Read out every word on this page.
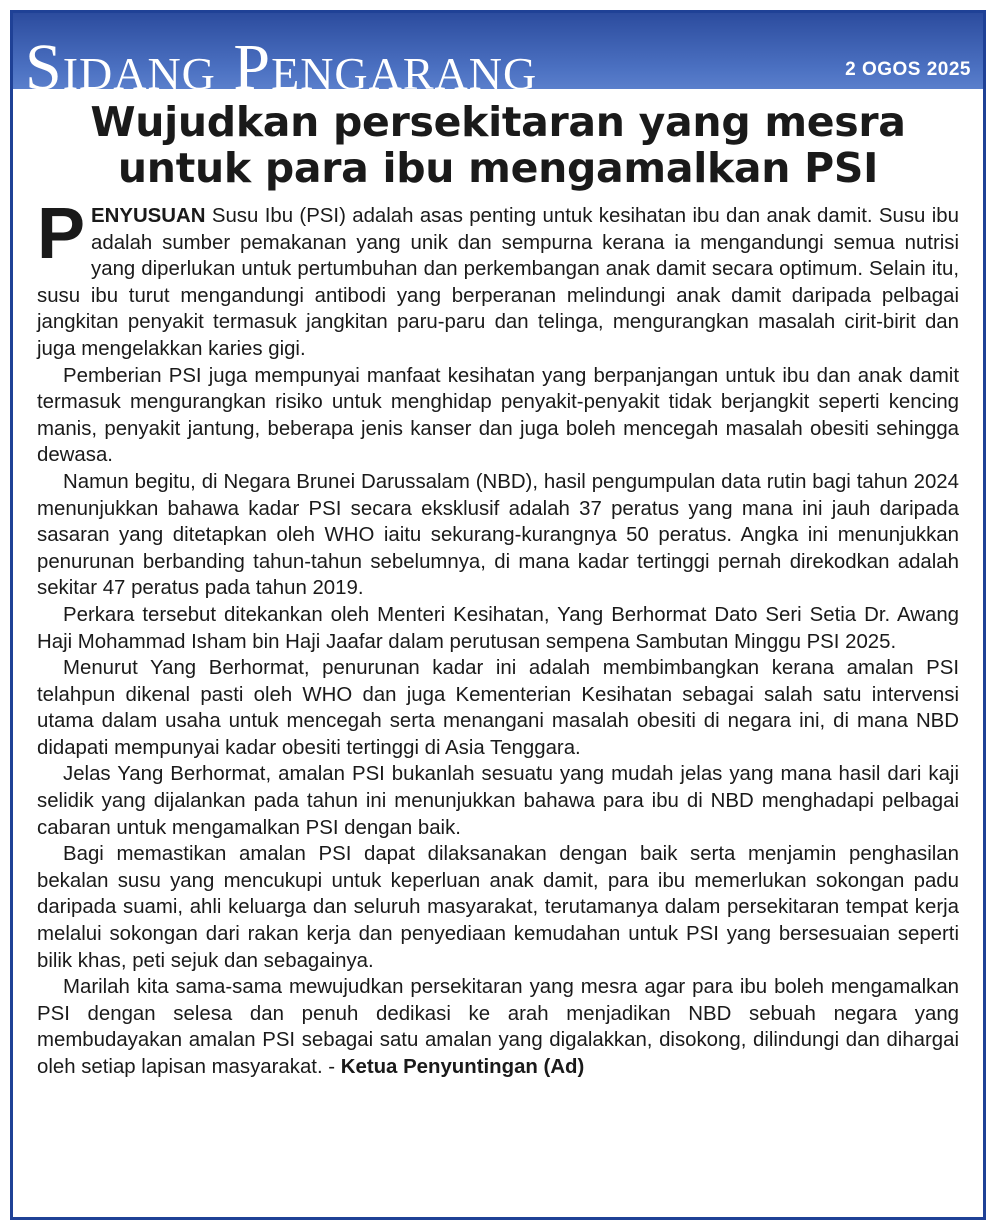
Sidang Pengarang	2 OGOS 2025
Wujudkan persekitaran yang mesra
untuk para ibu mengamalkan PSI

PENYUSUAN Susu Ibu (PSI) adalah asas penting untuk kesihatan ibu dan anak damit. Susu ibu adalah sumber pemakanan yang unik dan sempurna kerana ia mengandungi semua nutrisi yang diperlukan untuk pertumbuhan dan perkembangan anak damit secara optimum. Selain itu, susu ibu turut mengandungi antibodi yang berperanan melindungi anak damit daripada pelbagai jangkitan penyakit termasuk jangkitan paru-paru dan telinga, mengurangkan masalah cirit-birit dan juga mengelakkan karies gigi.

Pemberian PSI juga mempunyai manfaat kesihatan yang berpanjangan untuk ibu dan anak damit termasuk mengurangkan risiko untuk menghidap penyakit-penyakit tidak berjangkit seperti kencing manis, penyakit jantung, beberapa jenis kanser dan juga boleh mencegah masalah obesiti sehingga dewasa.

Namun begitu, di Negara Brunei Darussalam (NBD), hasil pengumpulan data rutin bagi tahun 2024 menunjukkan bahawa kadar PSI secara eksklusif adalah 37 peratus yang mana ini jauh daripada sasaran yang ditetapkan oleh WHO iaitu sekurang-kurangnya 50 peratus. Angka ini menunjukkan penurunan berbanding tahun-tahun sebelumnya, di mana kadar tertinggi pernah direkodkan adalah sekitar 47 peratus pada tahun 2019.

Perkara tersebut ditekankan oleh Menteri Kesihatan, Yang Berhormat Dato Seri Setia Dr. Awang Haji Mohammad Isham bin Haji Jaafar dalam perutusan sempena Sambutan Minggu PSI 2025.

Menurut Yang Berhormat, penurunan kadar ini adalah membimbangkan kerana amalan PSI telahpun dikenal pasti oleh WHO dan juga Kementerian Kesihatan sebagai salah satu intervensi utama dalam usaha untuk mencegah serta menangani masalah obesiti di negara ini, di mana NBD didapati mempunyai kadar obesiti tertinggi di Asia Tenggara.

Jelas Yang Berhormat, amalan PSI bukanlah sesuatu yang mudah jelas yang mana hasil dari kaji selidik yang dijalankan pada tahun ini menunjukkan bahawa para ibu di NBD menghadapi pelbagai cabaran untuk mengamalkan PSI dengan baik.

Bagi memastikan amalan PSI dapat dilaksanakan dengan baik serta menjamin penghasilan bekalan susu yang mencukupi untuk keperluan anak damit, para ibu memerlukan sokongan padu daripada suami, ahli keluarga dan seluruh masyarakat, terutamanya dalam persekitaran tempat kerja melalui sokongan dari rakan kerja dan penyediaan kemudahan untuk PSI yang bersesuaian seperti bilik khas, peti sejuk dan sebagainya.

Marilah kita sama-sama mewujudkan persekitaran yang mesra agar para ibu boleh mengamalkan PSI dengan selesa dan penuh dedikasi ke arah menjadikan NBD sebuah negara yang membudayakan amalan PSI sebagai satu amalan yang digalakkan, disokong, dilindungi dan dihargai oleh setiap lapisan masyarakat. - Ketua Penyuntingan (Ad)
